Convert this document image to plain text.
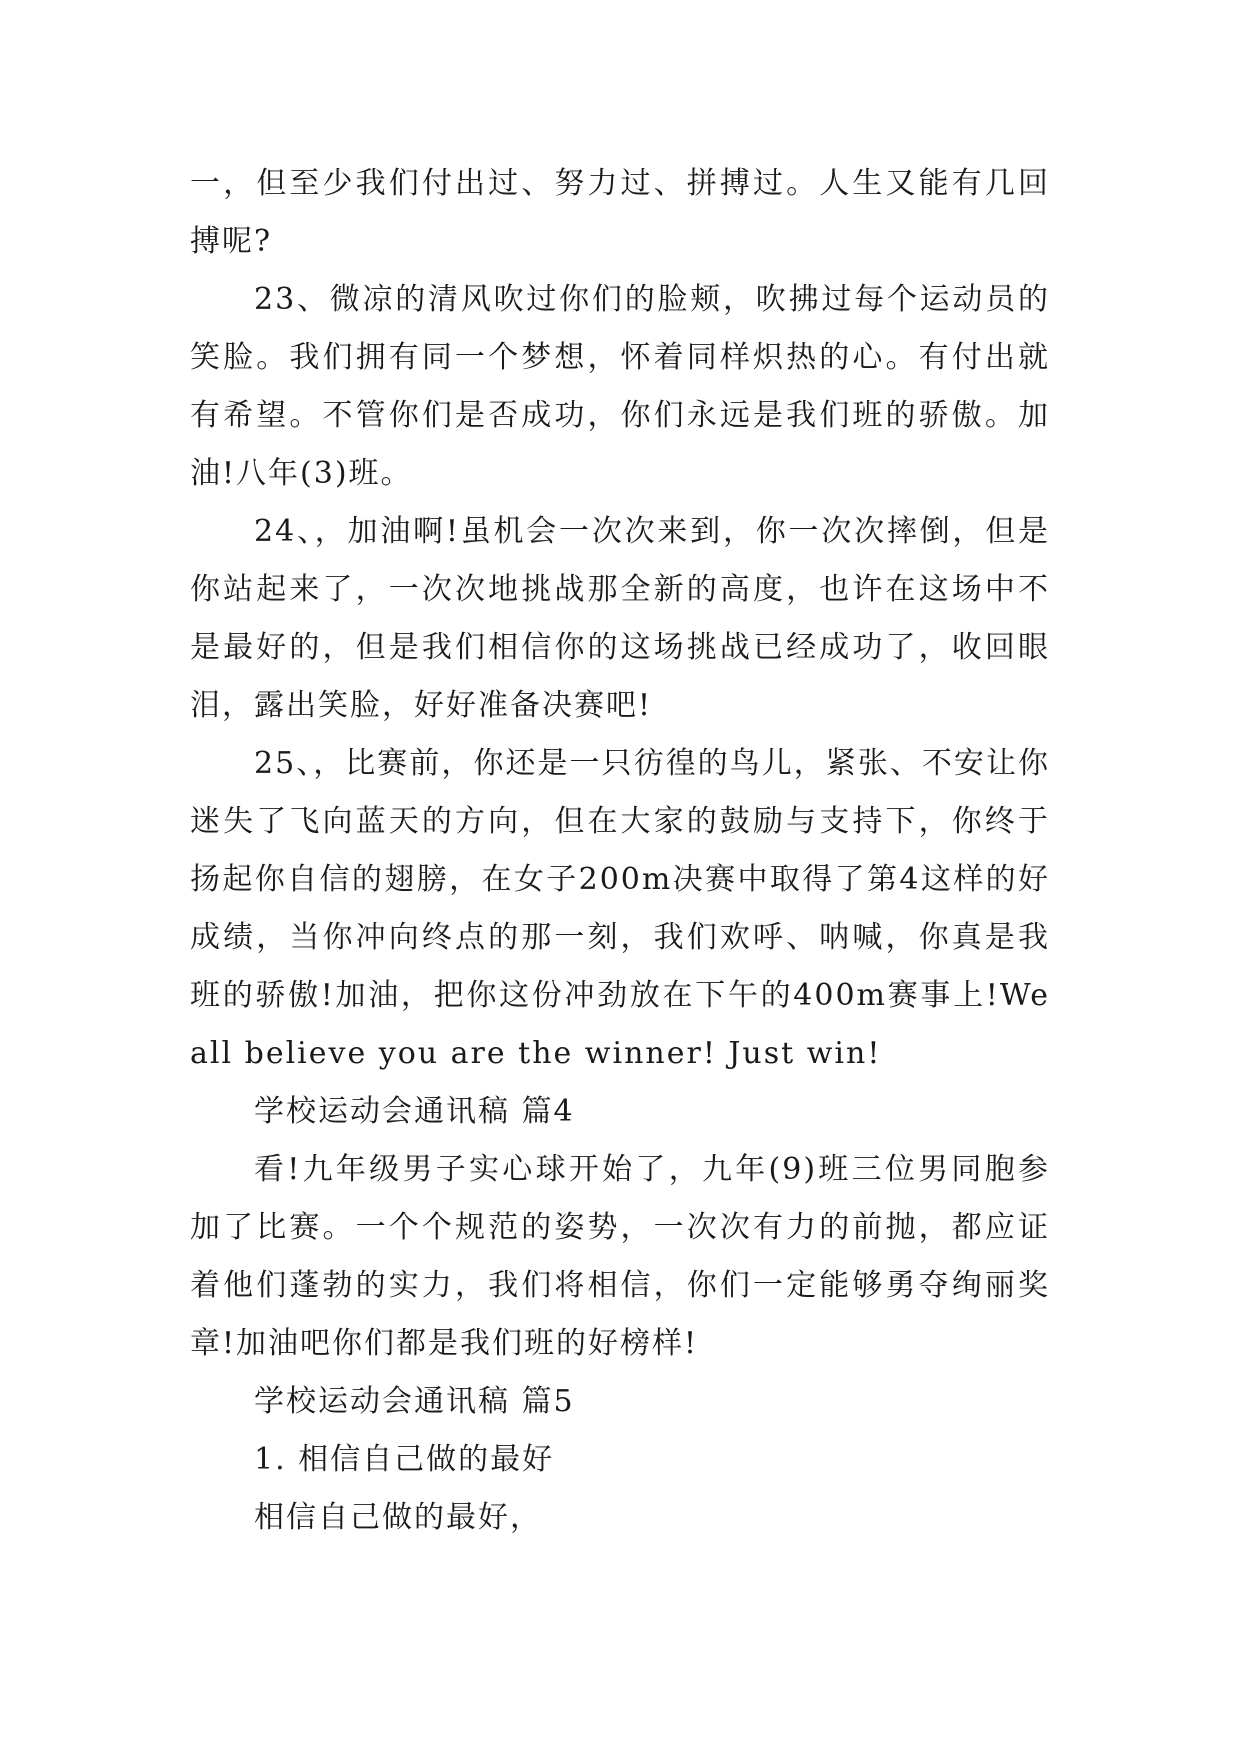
一，但至少我们付出过、努力过、拼搏过。人生又能有几回搏呢?

23、微凉的清风吹过你们的脸颊，吹拂过每个运动员的笑脸。我们拥有同一个梦想，怀着同样炽热的心。有付出就有希望。不管你们是否成功，你们永远是我们班的骄傲。加油!八年(3)班。

24、，加油啊!虽机会一次次来到，你一次次摔倒，但是你站起来了，一次次地挑战那全新的高度，也许在这场中不是最好的，但是我们相信你的这场挑战已经成功了，收回眼泪，露出笑脸，好好准备决赛吧!

25、，比赛前，你还是一只彷徨的鸟儿，紧张、不安让你迷失了飞向蓝天的方向，但在大家的鼓励与支持下，你终于扬起你自信的翅膀，在女子200m决赛中取得了第4这样的好成绩，当你冲向终点的那一刻，我们欢呼、呐喊，你真是我班的骄傲!加油，把你这份冲劲放在下午的400m赛事上!We all believe you are the winner! Just win!

学校运动会通讯稿 篇4

看!九年级男子实心球开始了，九年(9)班三位男同胞参加了比赛。一个个规范的姿势，一次次有力的前抛，都应证着他们蓬勃的实力，我们将相信，你们一定能够勇夺绚丽奖章!加油吧你们都是我们班的好榜样!

学校运动会通讯稿 篇5

1. 相信自己做的最好

相信自己做的最好，
